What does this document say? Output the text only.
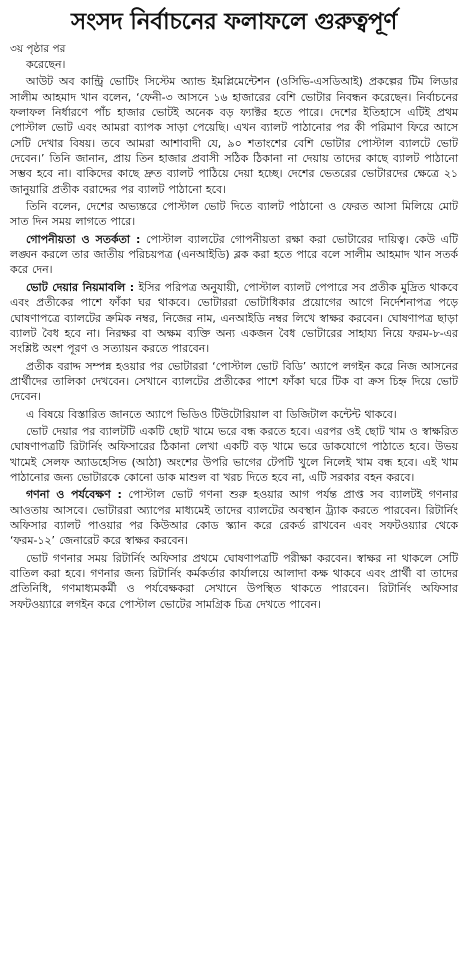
সংসদ নির্বাচনের ফলাফলে গুরুত্বপূর্ণ

৩য় পৃষ্ঠার পর

করেছেন।

আউট অব কান্ট্রি ভোটিং সিস্টেম অ্যান্ড ইমপ্লিমেন্টেশন (ওসিভি-এসডিআই) প্রকল্পের টিম লিডার সালীম আহমাদ খান বলেন, ‘ফেনী-৩ আসনে ১৬ হাজারের বেশি ভোটার নিবন্ধন করেছেন। নির্বাচনের ফলাফল নির্ধারণে পাঁচ হাজার ভোটই অনেক বড় ফ্যাক্টর হতে পারে। দেশের ইতিহাসে এটিই প্রথম পোস্টাল ভোট এবং আমরা ব্যাপক সাড়া পেয়েছি। এখন ব্যালট পাঠানোর পর কী পরিমাণ ফিরে আসে সেটি দেখার বিষয়। তবে আমরা আশাবাদী যে, ৯০ শতাংশের বেশি ভোটার পোস্টাল ব্যালটে ভোট দেবেন।’ তিনি জানান, প্রায় তিন হাজার প্রবাসী সঠিক ঠিকানা না দেয়ায় তাদের কাছে ব্যালট পাঠানো সম্ভব হবে না। বাকিদের কাছে দ্রুত ব্যালট পাঠিয়ে দেয়া হচ্ছে। দেশের ভেতরের ভোটারদের ক্ষেত্রে ২১ জানুয়ারি প্রতীক বরাদ্দের পর ব্যালট পাঠানো হবে।

তিনি বলেন, দেশের অভ্যন্তরে পোস্টাল ভোট দিতে ব্যালট পাঠানো ও ফেরত আসা মিলিয়ে মোট সাত দিন সময় লাগতে পারে।

গোপনীয়তা ও সতর্কতা : পোস্টাল ব্যালটের গোপনীয়তা রক্ষা করা ভোটারের দায়িত্ব। কেউ এটি লঙ্ঘন করলে তার জাতীয় পরিচয়পত্র (এনআইডি) ব্লক করা হতে পারে বলে সালীম আহমাদ খান সতর্ক করে দেন।

ভোট দেয়ার নিয়মাবলি : ইসির পরিপত্র অনুযায়ী, পোস্টাল ব্যালট পেপারে সব প্রতীক মুদ্রিত থাকবে এবং প্রতীকের পাশে ফাঁকা ঘর থাকবে। ভোটাররা ভোটাধিকার প্রয়োগের আগে নির্দেশনাপত্র পড়ে ঘোষণাপত্রে ব্যালটের ক্রমিক নম্বর, নিজের নাম, এনআইডি নম্বর লিখে স্বাক্ষর করবেন। ঘোষণাপত্র ছাড়া ব্যালট বৈধ হবে না। নিরক্ষর বা অক্ষম ব্যক্তি অন্য একজন বৈধ ভোটারের সাহায্য নিয়ে ফরম-৮-এর সংশ্লিষ্ট অংশ পূরণ ও সত্যায়ন করতে পারবেন।

প্রতীক বরাদ্দ সম্পন্ন হওয়ার পর ভোটাররা ‘পোস্টাল ভোট বিডি’ অ্যাপে লগইন করে নিজ আসনের প্রার্থীদের তালিকা দেখবেন। সেখানে ব্যালটের প্রতীকের পাশে ফাঁকা ঘরে টিক বা ক্রস চিহ্ন দিয়ে ভোট দেবেন।

এ বিষয়ে বিস্তারিত জানতে অ্যাপে ভিডিও টিউটোরিয়াল বা ডিজিটাল কন্টেন্ট থাকবে।

ভোট দেয়ার পর ব্যালটটি একটি ছোট খামে ভরে বন্ধ করতে হবে। এরপর ওই ছোট খাম ও স্বাক্ষরিত ঘোষণাপত্রটি রিটার্নিং অফিসারের ঠিকানা লেখা একটি বড় খামে ভরে ডাকযোগে পাঠাতে হবে। উভয় খামেই সেলফ অ্যাডহেসিভ (আঠা) অংশের উপরি ভাগের টেপটি খুলে নিলেই খাম বন্ধ হবে। এই খাম পাঠানোর জন্য ভোটারকে কোনো ডাক মাশুল বা খরচ দিতে হবে না, এটি সরকার বহন করবে।

গণনা ও পর্যবেক্ষণ : পোস্টাল ভোট গণনা শুরু হওয়ার আগ পর্যন্ত প্রাপ্ত সব ব্যালটই গণনার আওতায় আসবে। ভোটাররা অ্যাপের মাধ্যমেই তাদের ব্যালটের অবস্থান ট্র্যাক করতে পারবেন। রিটার্নিং অফিসার ব্যালট পাওয়ার পর কিউআর কোড স্ক্যান করে রেকর্ড রাখবেন এবং সফটওয়্যার থেকে ‘ফরম-১২’ জেনারেট করে স্বাক্ষর করবেন।

ভোট গণনার সময় রিটার্নিং অফিসার প্রথমে ঘোষণাপত্রটি পরীক্ষা করবেন। স্বাক্ষর না থাকলে সেটি বাতিল করা হবে। গণনার জন্য রিটার্নিং কর্মকর্তার কার্যালয়ে আলাদা কক্ষ থাকবে এবং প্রার্থী বা তাদের প্রতিনিধি, গণমাধ্যমকর্মী ও পর্যবেক্ষকরা সেখানে উপস্থিত থাকতে পারবেন। রিটার্নিং অফিসার সফটওয়্যারে লগইন করে পোস্টাল ভোটের সামগ্রিক চিত্র দেখতে পাবেন।
